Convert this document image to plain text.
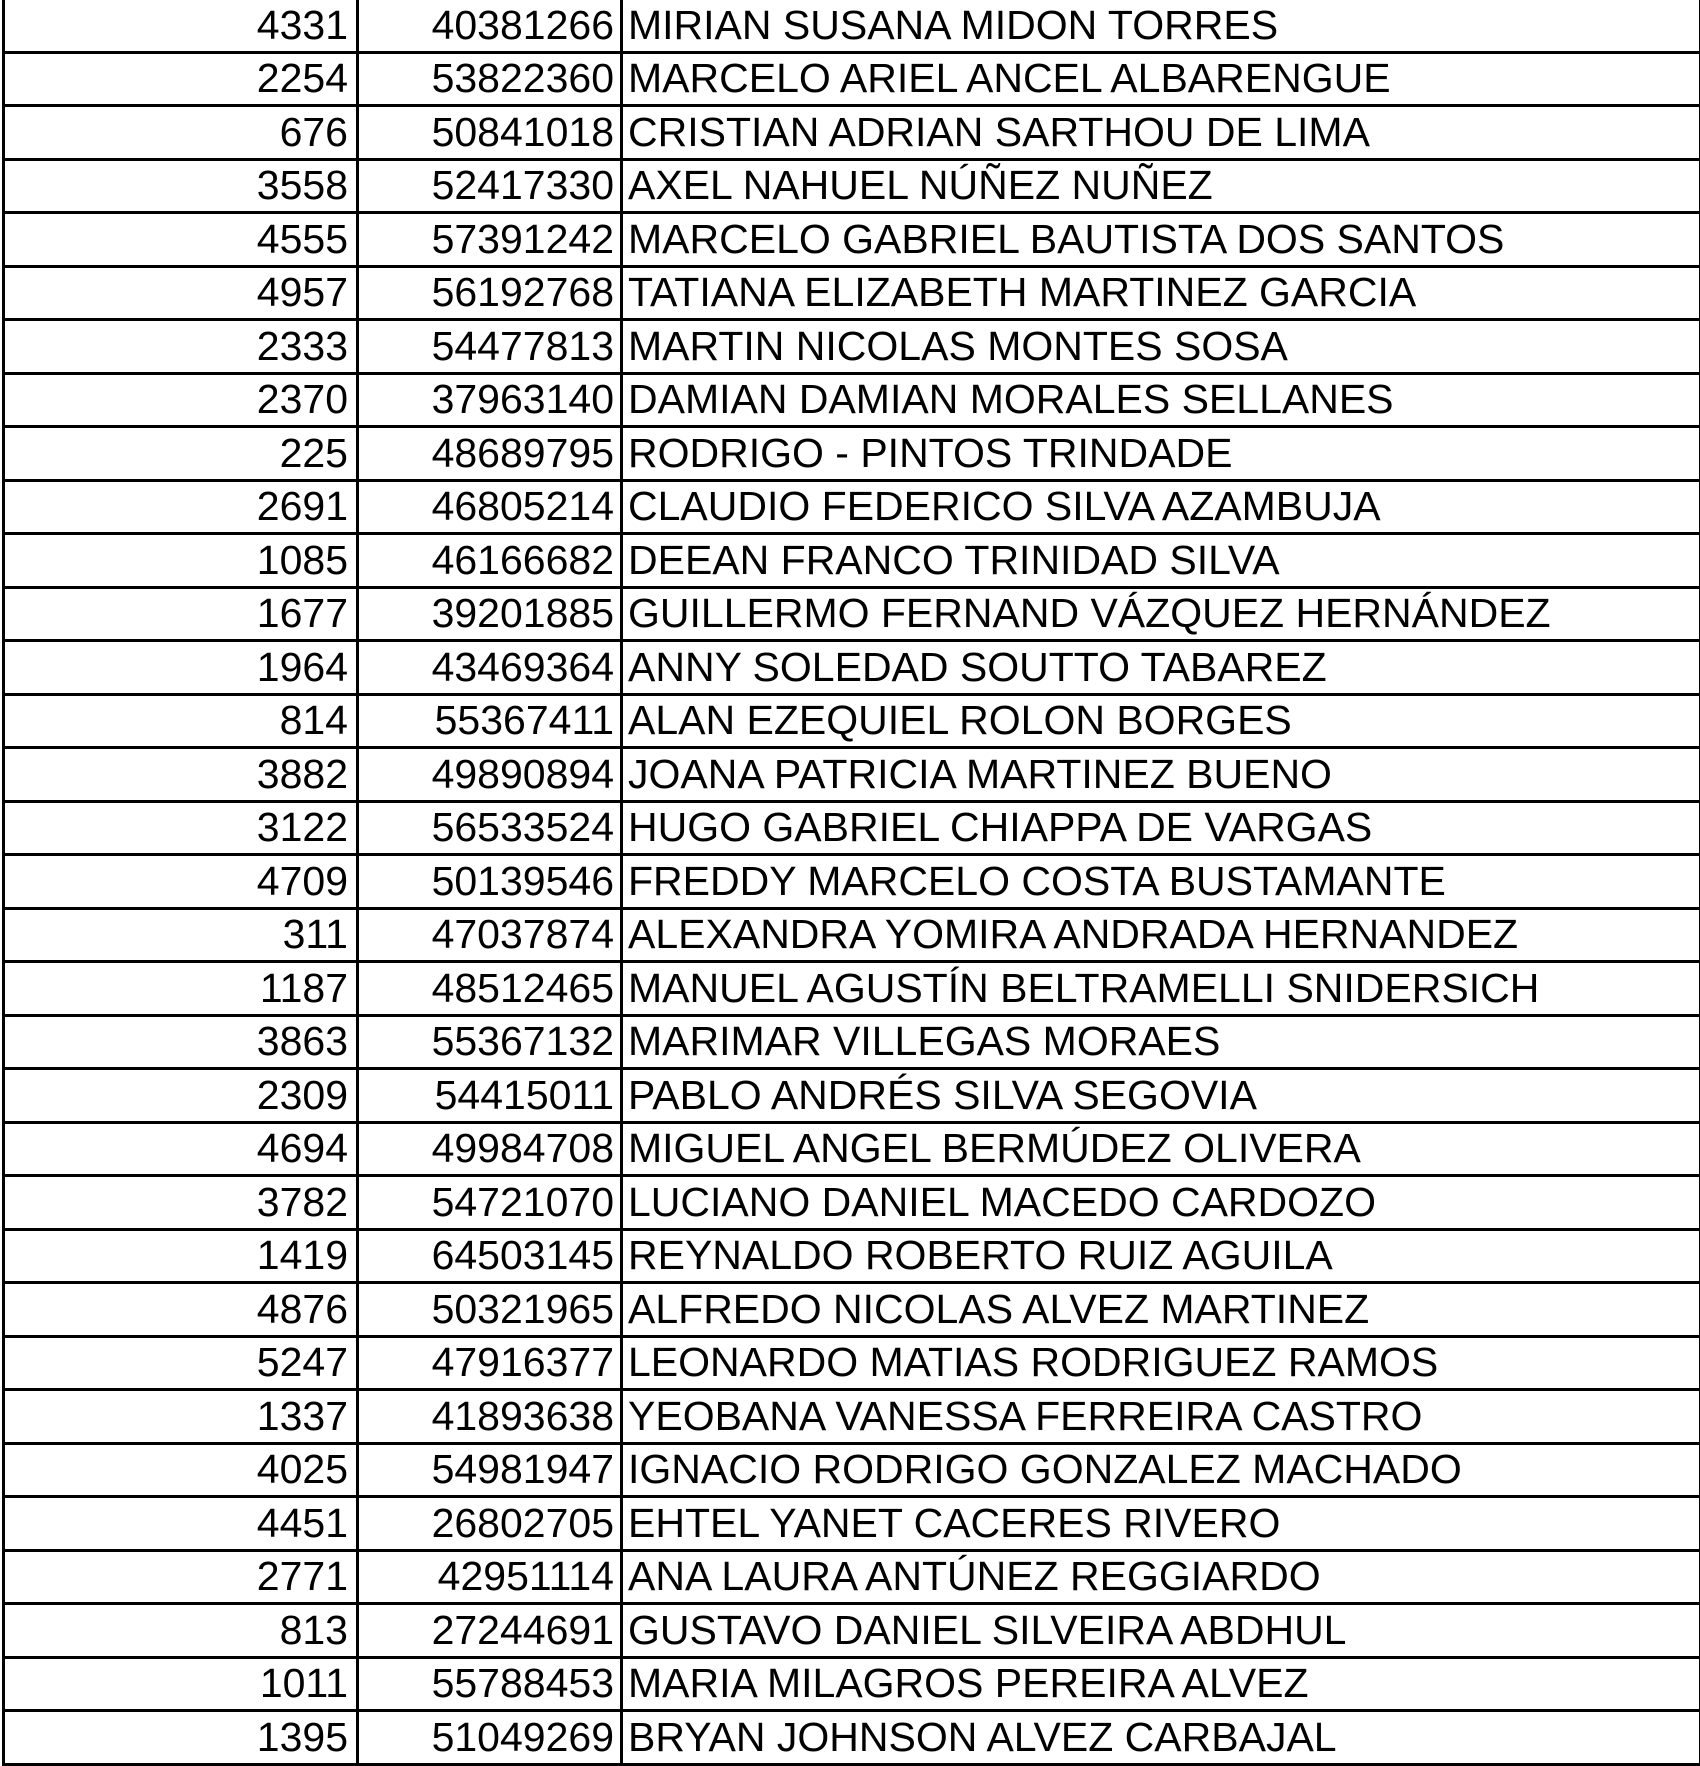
4331	40381266	MIRIAN SUSANA MIDON TORRES
2254	53822360	MARCELO ARIEL ANCEL ALBARENGUE
676	50841018	CRISTIAN ADRIAN SARTHOU DE LIMA
3558	52417330	AXEL NAHUEL NÚÑEZ NUÑEZ
4555	57391242	MARCELO GABRIEL BAUTISTA DOS SANTOS
4957	56192768	TATIANA ELIZABETH MARTINEZ GARCIA
2333	54477813	MARTIN NICOLAS MONTES SOSA
2370	37963140	DAMIAN DAMIAN MORALES SELLANES
225	48689795	RODRIGO - PINTOS TRINDADE
2691	46805214	CLAUDIO FEDERICO SILVA AZAMBUJA
1085	46166682	DEEAN FRANCO TRINIDAD SILVA
1677	39201885	GUILLERMO FERNAND VÁZQUEZ HERNÁNDEZ
1964	43469364	ANNY SOLEDAD SOUTTO TABAREZ
814	55367411	ALAN EZEQUIEL ROLON BORGES
3882	49890894	JOANA PATRICIA MARTINEZ BUENO
3122	56533524	HUGO GABRIEL CHIAPPA DE VARGAS
4709	50139546	FREDDY MARCELO COSTA BUSTAMANTE
311	47037874	ALEXANDRA YOMIRA ANDRADA HERNANDEZ
1187	48512465	MANUEL AGUSTÍN BELTRAMELLI SNIDERSICH
3863	55367132	MARIMAR VILLEGAS MORAES
2309	54415011	PABLO ANDRÉS SILVA SEGOVIA
4694	49984708	MIGUEL ANGEL BERMÚDEZ OLIVERA
3782	54721070	LUCIANO DANIEL MACEDO CARDOZO
1419	64503145	REYNALDO ROBERTO RUIZ AGUILA
4876	50321965	ALFREDO NICOLAS ALVEZ MARTINEZ
5247	47916377	LEONARDO MATIAS RODRIGUEZ RAMOS
1337	41893638	YEOBANA VANESSA FERREIRA CASTRO
4025	54981947	IGNACIO RODRIGO GONZALEZ MACHADO
4451	26802705	EHTEL YANET CACERES RIVERO
2771	42951114	ANA LAURA ANTÚNEZ REGGIARDO
813	27244691	GUSTAVO DANIEL SILVEIRA ABDHUL
1011	55788453	MARIA MILAGROS PEREIRA ALVEZ
1395	51049269	BRYAN JOHNSON ALVEZ CARBAJAL
